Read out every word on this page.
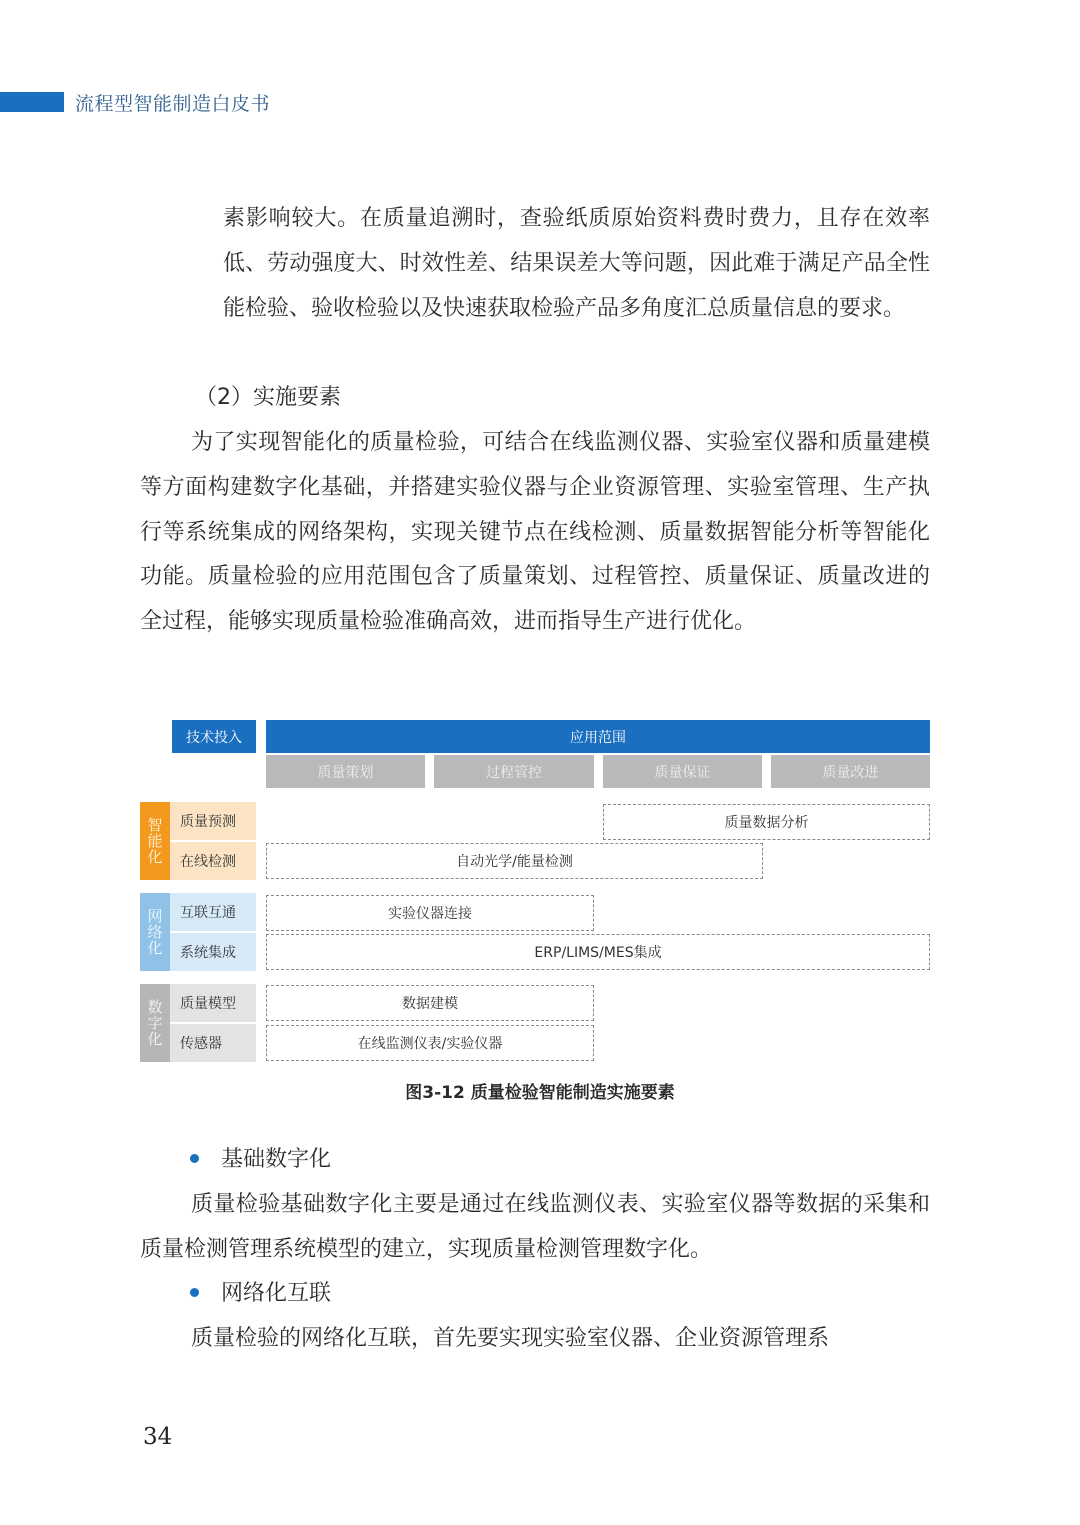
流程型智能制造白皮书
素影响较大。在质量追溯时，查验纸质原始资料费时费力，且存在效率低、劳动强度大、时效性差、结果误差大等问题，因此难于满足产品全性能检验、验收检验以及快速获取检验产品多角度汇总质量信息的要求。
（2）实施要素
为了实现智能化的质量检验，可结合在线监测仪器、实验室仪器和质量建模等方面构建数字化基础，并搭建实验仪器与企业资源管理、实验室管理、生产执行等系统集成的网络架构，实现关键节点在线检测、质量数据智能分析等智能化功能。质量检验的应用范围包含了质量策划、过程管控、质量保证、质量改进的全过程，能够实现质量检验准确高效，进而指导生产进行优化。
技术投入	应用范围
质量策划	过程管控	质量保证	质量改进
智
能
化
质量预测
在线检测
网
络
化
互联互通
系统集成
数
字
化
质量模型
传感器
质量数据分析
自动光学/能量检测
实验仪器连接
ERP/LIMS/MES集成
数据建模
在线监测仪表/实验仪器
图3-12 质量检验智能制造实施要素
基础数字化
质量检验基础数字化主要是通过在线监测仪表、实验室仪器等数据的采集和质量检测管理系统模型的建立，实现质量检测管理数字化。
网络化互联
质量检验的网络化互联，首先要实现实验室仪器、企业资源管理系
34
